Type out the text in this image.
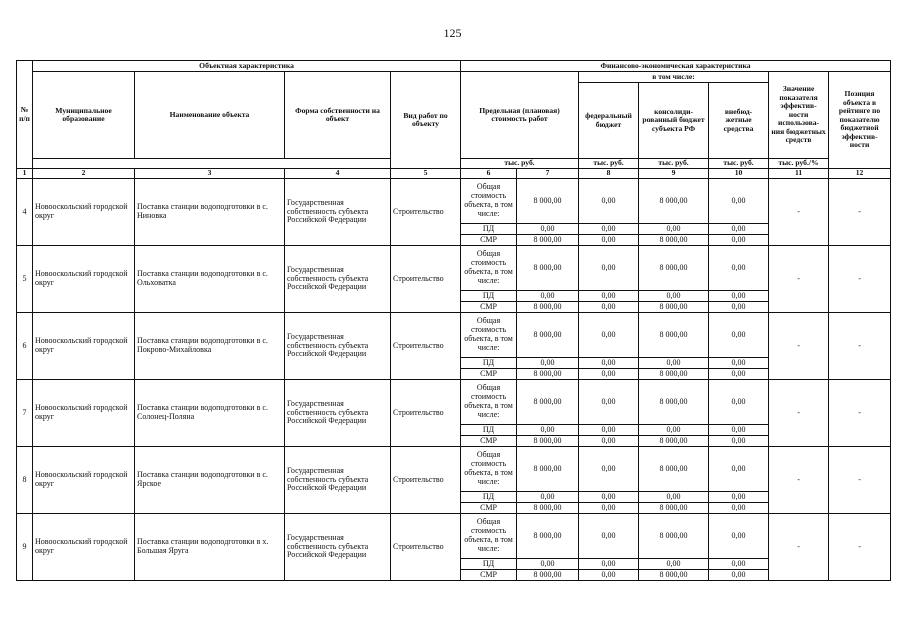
125
№ п/п	Объектная характеристика				Финансово-экономическая характеристика						
	Муниципальное образование	Наименование объекта	Форма собственности на объект	Вид работ по объекту	Предельная (плановая) стоимость работ		в том числе:			Значение показателя эффектив- ности использова- ния бюджетных средств	Позиция объекта в рейтинге по показателю бюджетной эффектив- ности
							федеральный бюджет	консолиди- рованный бюджет субъекта РФ	внебюд- жетные средства		
					тыс. руб.		тыс. руб.	тыс. руб.	тыс. руб.	тыс. руб./%	
1	2	3	4	5	6	7	8	9	10	11	12
4	Новооскольский городской округ	Поставка станции водоподготовки в с. Ниновка	Государственная собственность субъекта Российской Федерации	Строительство	Общая стоимость объекта, в том числе:	8 000,00	0,00	8 000,00	0,00	-	-
					ПД	0,00	0,00	0,00	0,00		
					СМР	8 000,00	0,00	8 000,00	0,00		
5	Новооскольский городской округ	Поставка станции водоподготовки в с. Ольховатка	Государственная собственность субъекта Российской Федерации	Строительство	Общая стоимость объекта, в том числе:	8 000,00	0,00	8 000,00	0,00	-	-
					ПД	0,00	0,00	0,00	0,00		
					СМР	8 000,00	0,00	8 000,00	0,00		
6	Новооскольский городской округ	Поставка станции водоподготовки в с. Покрово-Михайловка	Государственная собственность субъекта Российской Федерации	Строительство	Общая стоимость объекта, в том числе:	8 000,00	0,00	8 000,00	0,00	-	-
					ПД	0,00	0,00	0,00	0,00		
					СМР	8 000,00	0,00	8 000,00	0,00		
7	Новооскольский городской округ	Поставка станции водоподготовки в с. Солонец-Поляна	Государственная собственность субъекта Российской Федерации	Строительство	Общая стоимость объекта, в том числе:	8 000,00	0,00	8 000,00	0,00	-	-
					ПД	0,00	0,00	0,00	0,00		
					СМР	8 000,00	0,00	8 000,00	0,00		
8	Новооскольский городской округ	Поставка станции водоподготовки в с. Ярское	Государственная собственность субъекта Российской Федерации	Строительство	Общая стоимость объекта, в том числе:	8 000,00	0,00	8 000,00	0,00	-	-
					ПД	0,00	0,00	0,00	0,00		
					СМР	8 000,00	0,00	8 000,00	0,00		
9	Новооскольский городской округ	Поставка станции водоподготовки в х. Большая Яруга	Государственная собственность субъекта Российской Федерации	Строительство	Общая стоимость объекта, в том числе:	8 000,00	0,00	8 000,00	0,00	-	-
					ПД	0,00	0,00	0,00	0,00		
					СМР	8 000,00	0,00	8 000,00	0,00		
